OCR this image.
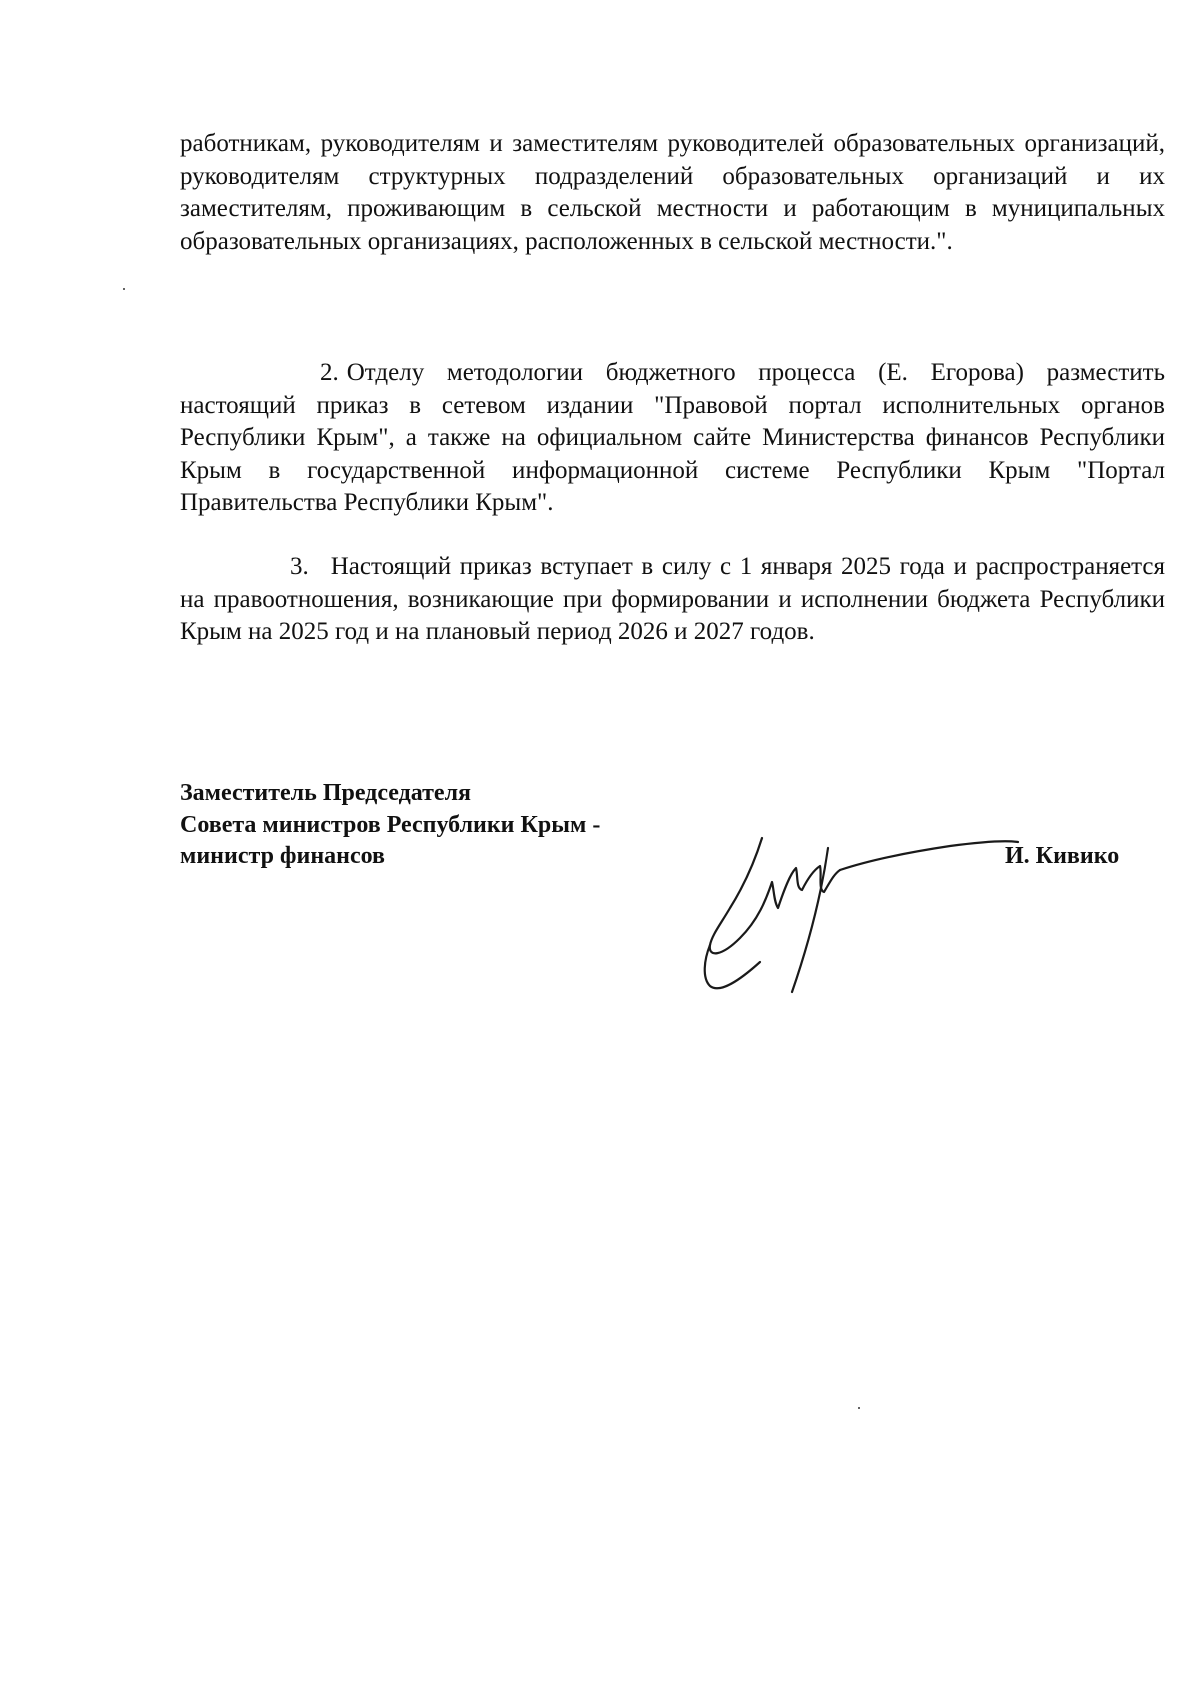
работникам, руководителям и заместителям руководителей образовательных организаций, руководителям структурных подразделений образовательных организаций и их заместителям, проживающим в сельской местности и работающим в муниципальных образовательных организациях, расположенных в сельской местности.".

2. Отделу методологии бюджетного процесса (Е. Егорова) разместить настоящий приказ в сетевом издании "Правовой портал исполнительных органов Республики Крым", а также на официальном сайте Министерства финансов Республики Крым в государственной информационной системе Республики Крым "Портал Правительства Республики Крым".

3. Настоящий приказ вступает в силу с 1 января 2025 года и распространяется на правоотношения, возникающие при формировании и исполнении бюджета Республики Крым на 2025 год и на плановый период 2026 и 2027 годов.

Заместитель Председателя
Совета министров Республики Крым -
министр финансов	И. Кивико
